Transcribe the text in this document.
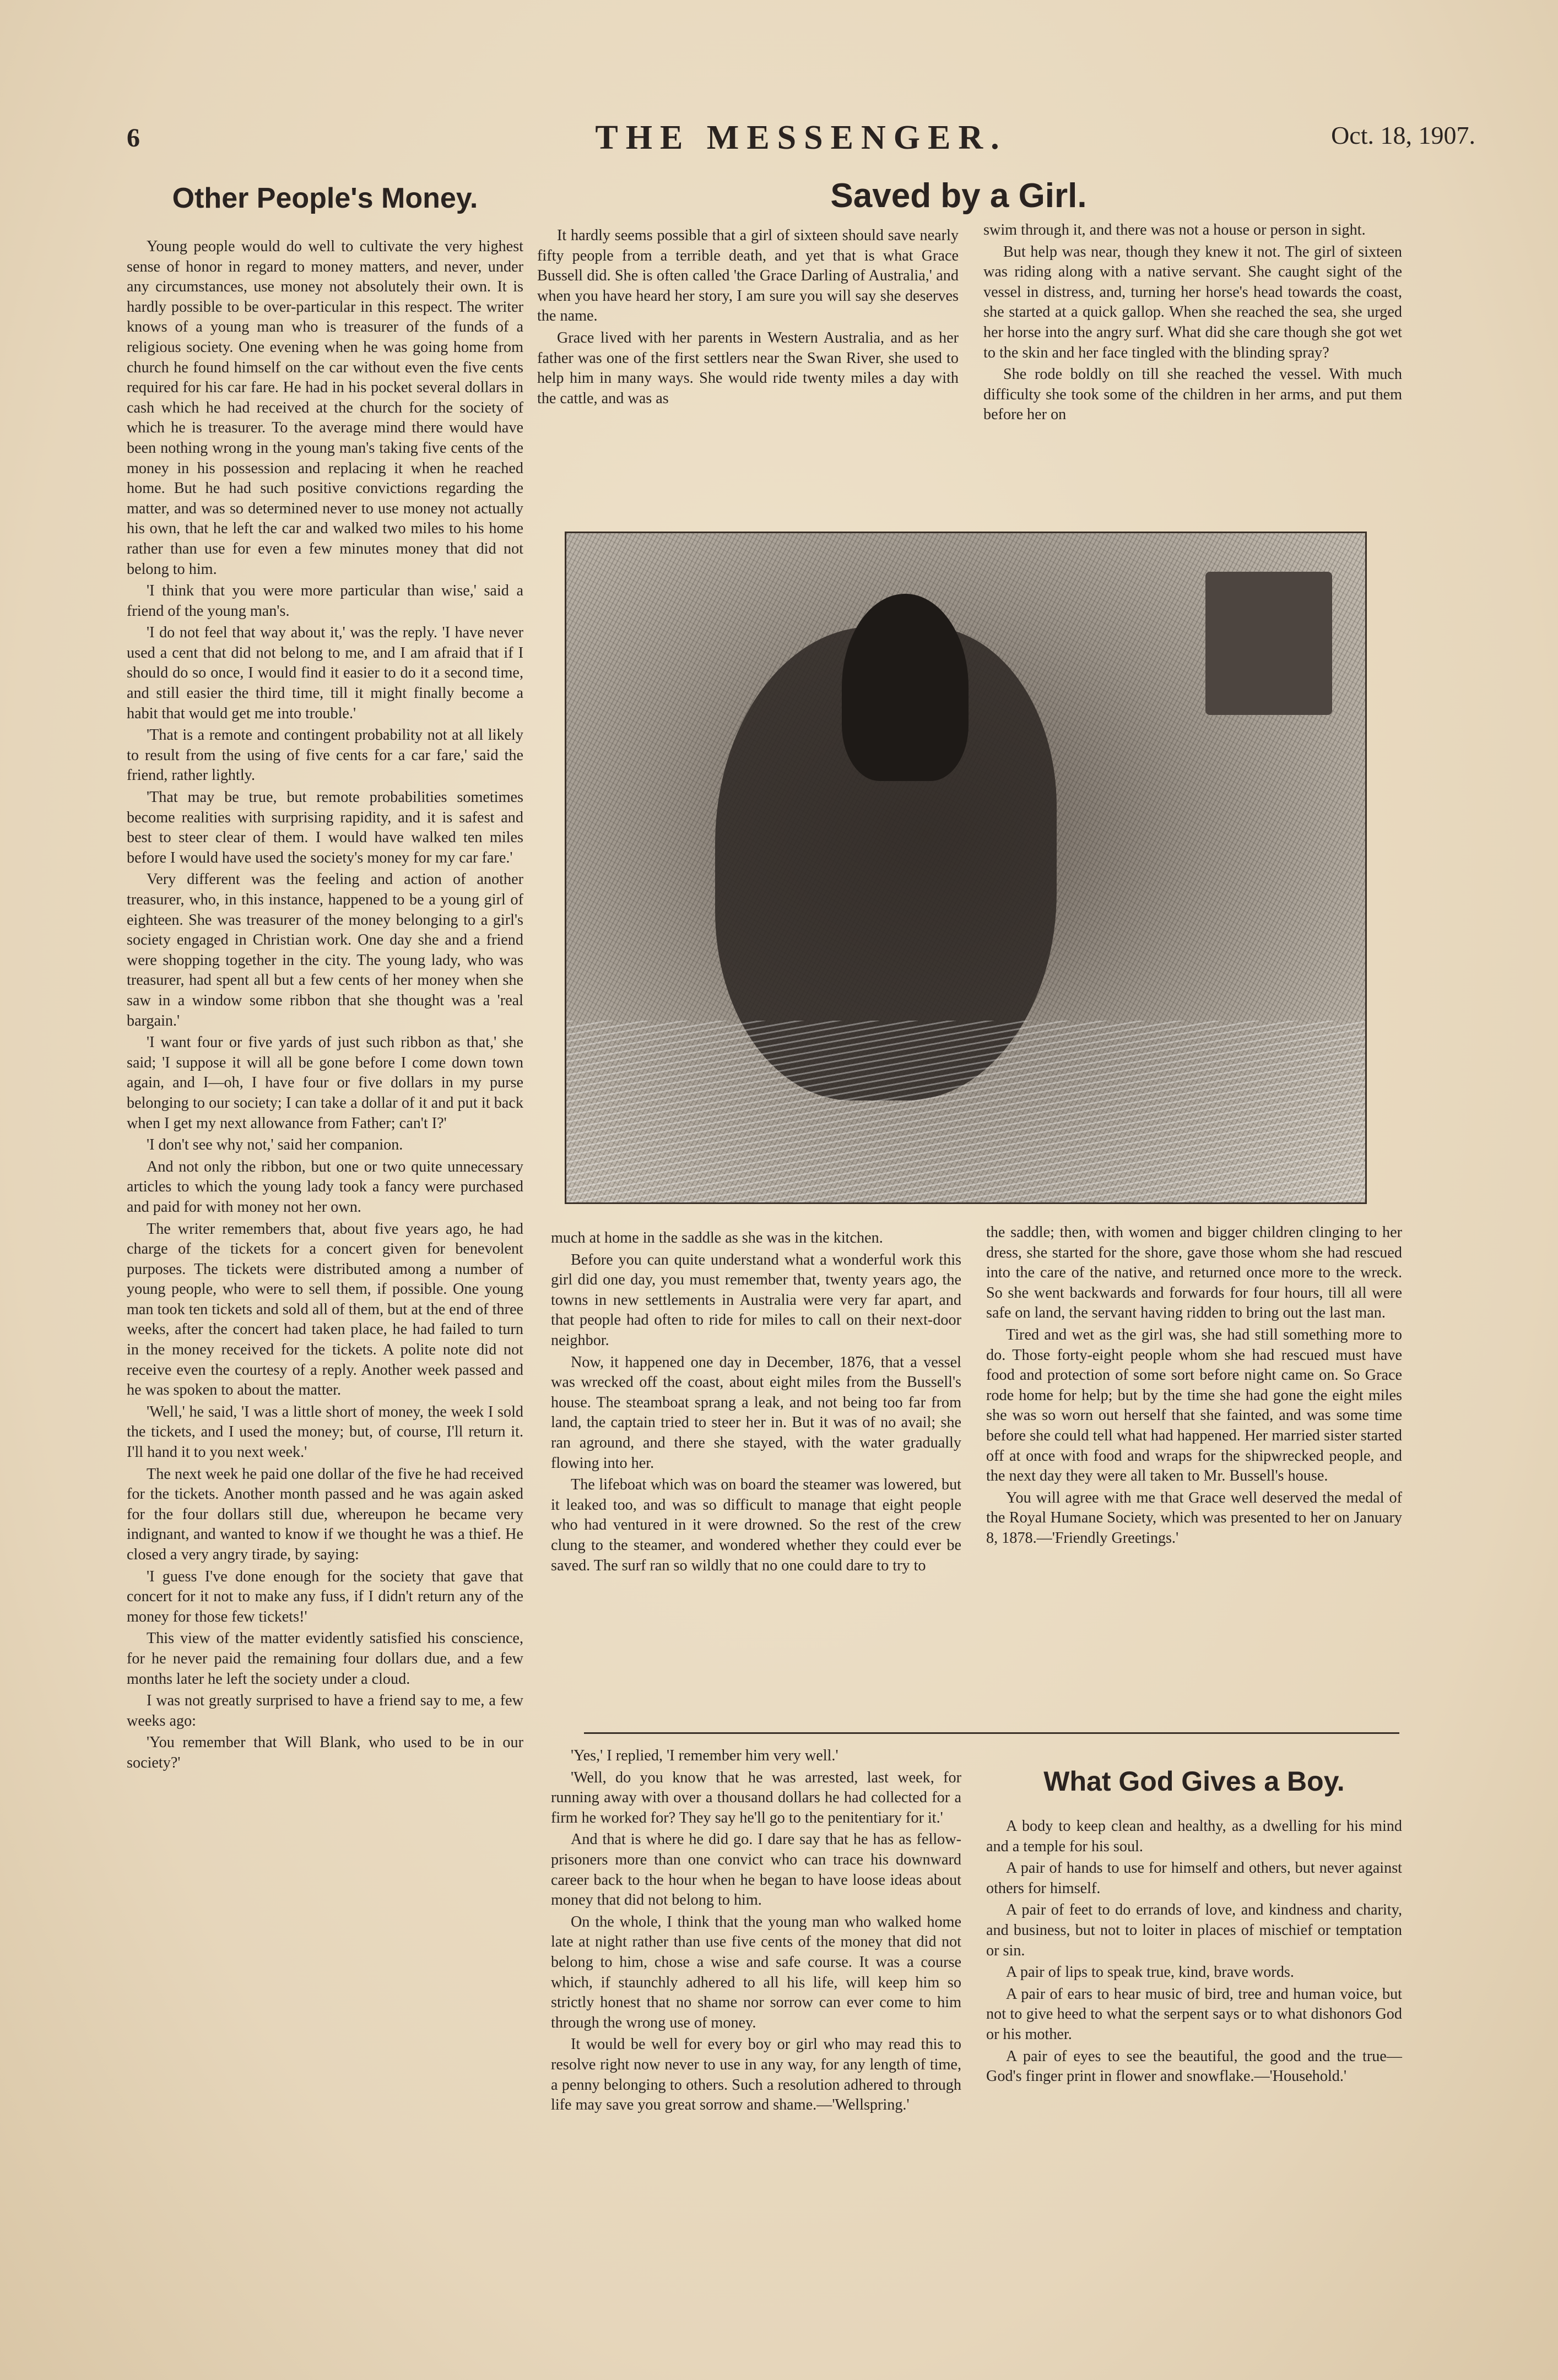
6	THE MESSENGER.	Oct. 18, 1907.
Other People's Money.

Young people would do well to cultivate the very highest sense of honor in regard to money matters, and never, under any circumstances, use money not absolutely their own. It is hardly possible to be over-particular in this respect. The writer knows of a young man who is treasurer of the funds of a religious society. One evening when he was going home from church he found himself on the car without even the five cents required for his car fare. He had in his pocket several dollars in cash which he had received at the church for the society of which he is treasurer. To the average mind there would have been nothing wrong in the young man's taking five cents of the money in his possession and replacing it when he reached home. But he had such positive convictions regarding the matter, and was so determined never to use money not actually his own, that he left the car and walked two miles to his home rather than use for even a few minutes money that did not belong to him.

'I think that you were more particular than wise,' said a friend of the young man's.

'I do not feel that way about it,' was the reply. 'I have never used a cent that did not belong to me, and I am afraid that if I should do so once, I would find it easier to do it a second time, and still easier the third time, till it might finally become a habit that would get me into trouble.'

'That is a remote and contingent probability not at all likely to result from the using of five cents for a car fare,' said the friend, rather lightly.

'That may be true, but remote probabilities sometimes become realities with surprising rapidity, and it is safest and best to steer clear of them. I would have walked ten miles before I would have used the society's money for my car fare.'

Very different was the feeling and action of another treasurer, who, in this instance, happened to be a young girl of eighteen. She was treasurer of the money belonging to a girl's society engaged in Christian work. One day she and a friend were shopping together in the city. The young lady, who was treasurer, had spent all but a few cents of her money when she saw in a window some ribbon that she thought was a 'real bargain.'

'I want four or five yards of just such ribbon as that,' she said; 'I suppose it will all be gone before I come down town again, and I—oh, I have four or five dollars in my purse belonging to our society; I can take a dollar of it and put it back when I get my next allowance from Father; can't I?'

'I don't see why not,' said her companion.

And not only the ribbon, but one or two quite unnecessary articles to which the young lady took a fancy were purchased and paid for with money not her own.

The writer remembers that, about five years ago, he had charge of the tickets for a concert given for benevolent purposes. The tickets were distributed among a number of young people, who were to sell them, if possible. One young man took ten tickets and sold all of them, but at the end of three weeks, after the concert had taken place, he had failed to turn in the money received for the tickets. A polite note did not receive even the courtesy of a reply. Another week passed and he was spoken to about the matter.

'Well,' he said, 'I was a little short of money, the week I sold the tickets, and I used the money; but, of course, I'll return it. I'll hand it to you next week.'

The next week he paid one dollar of the five he had received for the tickets. Another month passed and he was again asked for the four dollars still due, whereupon he became very indignant, and wanted to know if we thought he was a thief. He closed a very angry tirade, by saying:

'I guess I've done enough for the society that gave that concert for it not to make any fuss, if I didn't return any of the money for those few tickets!'

This view of the matter evidently satisfied his conscience, for he never paid the remaining four dollars due, and a few months later he left the society under a cloud.

I was not greatly surprised to have a friend say to me, a few weeks ago:

'You remember that Will Blank, who used to be in our society?'

Saved by a Girl.

It hardly seems possible that a girl of sixteen should save nearly fifty people from a terrible death, and yet that is what Grace Bussell did. She is often called 'the Grace Darling of Australia,' and when you have heard her story, I am sure you will say she deserves the name.

Grace lived with her parents in Western Australia, and as her father was one of the first settlers near the Swan River, she used to help him in many ways. She would ride twenty miles a day with the cattle, and was as

swim through it, and there was not a house or person in sight.

But help was near, though they knew it not. The girl of sixteen was riding along with a native servant. She caught sight of the vessel in distress, and, turning her horse's head towards the coast, she started at a quick gallop. When she reached the sea, she urged her horse into the angry surf. What did she care though she got wet to the skin and her face tingled with the blinding spray?

She rode boldly on till she reached the vessel. With much difficulty she took some of the children in her arms, and put them before her on

much at home in the saddle as she was in the kitchen.

Before you can quite understand what a wonderful work this girl did one day, you must remember that, twenty years ago, the towns in new settlements in Australia were very far apart, and that people had often to ride for miles to call on their next-door neighbor.

Now, it happened one day in December, 1876, that a vessel was wrecked off the coast, about eight miles from the Bussell's house. The steamboat sprang a leak, and not being too far from land, the captain tried to steer her in. But it was of no avail; she ran aground, and there she stayed, with the water gradually flowing into her.

The lifeboat which was on board the steamer was lowered, but it leaked too, and was so difficult to manage that eight people who had ventured in it were drowned. So the rest of the crew clung to the steamer, and wondered whether they could ever be saved. The surf ran so wildly that no one could dare to try to

the saddle; then, with women and bigger children clinging to her dress, she started for the shore, gave those whom she had rescued into the care of the native, and returned once more to the wreck. So she went backwards and forwards for four hours, till all were safe on land, the servant having ridden to bring out the last man.

Tired and wet as the girl was, she had still something more to do. Those forty-eight people whom she had rescued must have food and protection of some sort before night came on. So Grace rode home for help; but by the time she had gone the eight miles she was so worn out herself that she fainted, and was some time before she could tell what had happened. Her married sister started off at once with food and wraps for the shipwrecked people, and the next day they were all taken to Mr. Bussell's house.

You will agree with me that Grace well deserved the medal of the Royal Humane Society, which was presented to her on January 8, 1878.—'Friendly Greetings.'

'Yes,' I replied, 'I remember him very well.'

'Well, do you know that he was arrested, last week, for running away with over a thousand dollars he had collected for a firm he worked for? They say he'll go to the penitentiary for it.'

And that is where he did go. I dare say that he has as fellow-prisoners more than one convict who can trace his downward career back to the hour when he began to have loose ideas about money that did not belong to him.

On the whole, I think that the young man who walked home late at night rather than use five cents of the money that did not belong to him, chose a wise and safe course. It was a course which, if staunchly adhered to all his life, will keep him so strictly honest that no shame nor sorrow can ever come to him through the wrong use of money.

It would be well for every boy or girl who may read this to resolve right now never to use in any way, for any length of time, a penny belonging to others. Such a resolution adhered to through life may save you great sorrow and shame.—'Wellspring.'

What God Gives a Boy.

A body to keep clean and healthy, as a dwelling for his mind and a temple for his soul.

A pair of hands to use for himself and others, but never against others for himself.

A pair of feet to do errands of love, and kindness and charity, and business, but not to loiter in places of mischief or temptation or sin.

A pair of lips to speak true, kind, brave words.

A pair of ears to hear music of bird, tree and human voice, but not to give heed to what the serpent says or to what dishonors God or his mother.

A pair of eyes to see the beautiful, the good and the true—God's finger print in flower and snowflake.—'Household.'
